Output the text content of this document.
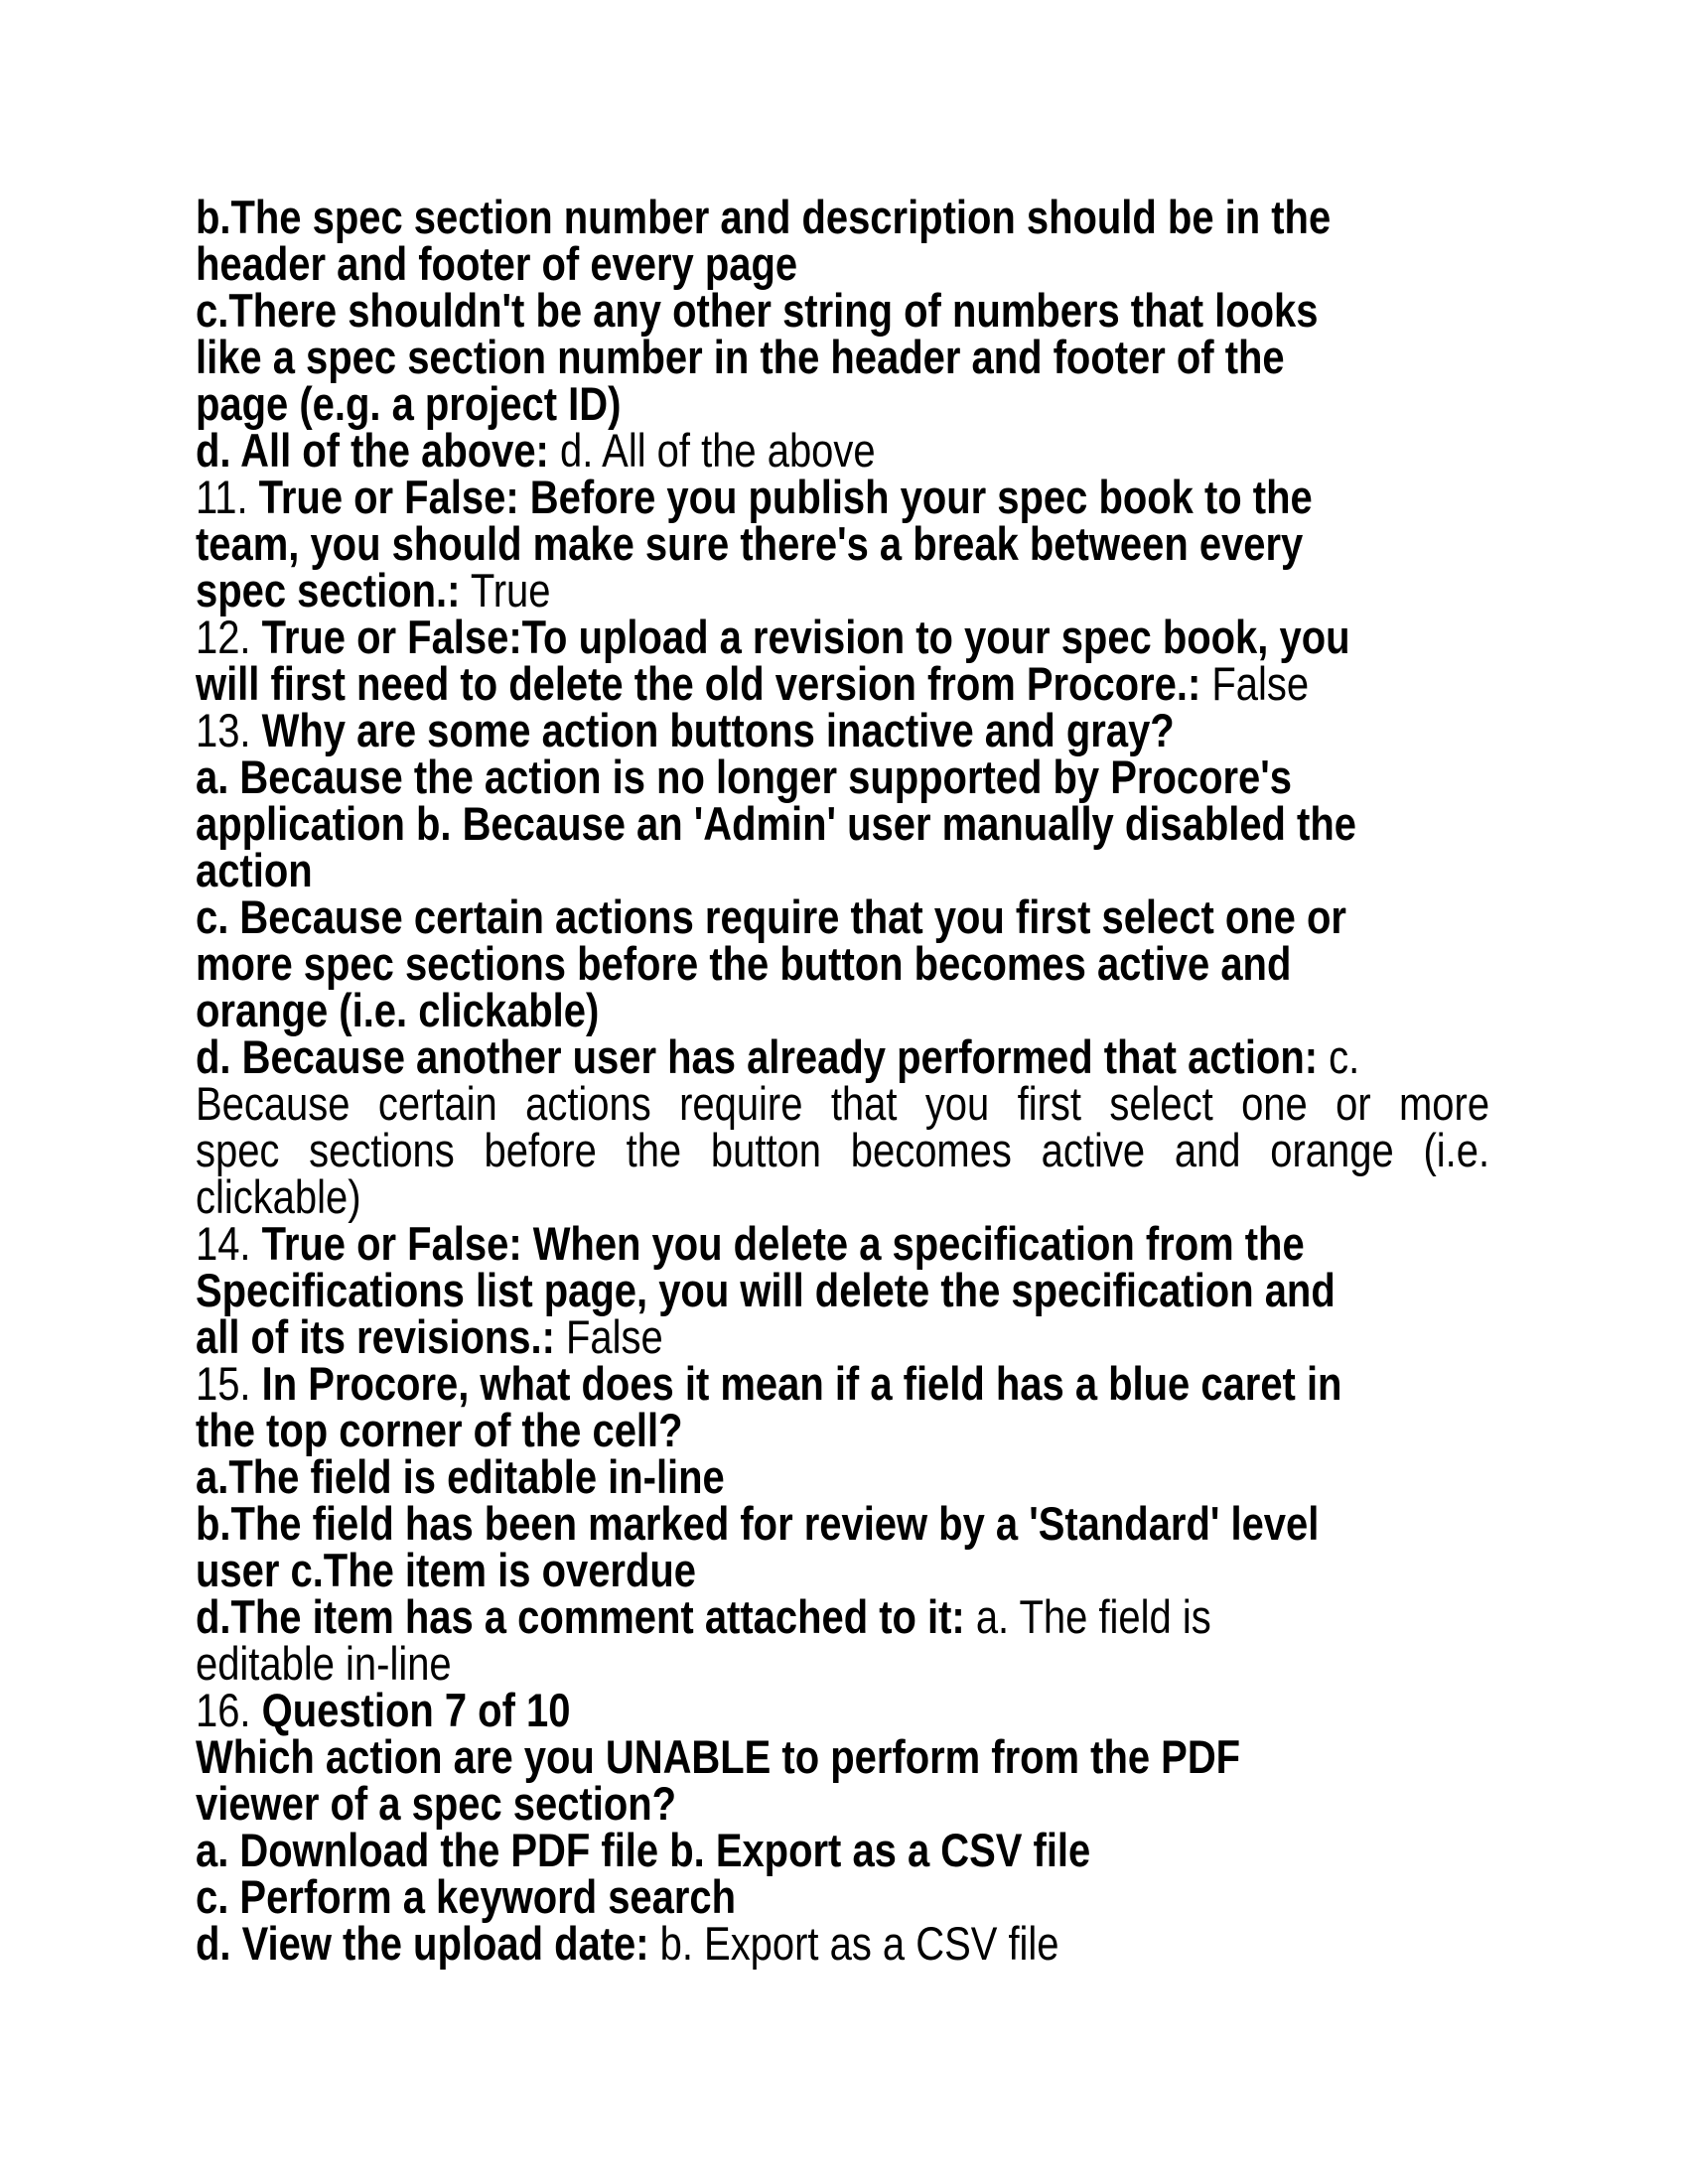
b.The spec section number and description should be in the
header and footer of every page
c.There shouldn't be any other string of numbers that looks
like a spec section number in the header and footer of the
page (e.g. a project ID)
d. All of the above: d. All of the above
11. True or False: Before you publish your spec book to the
team, you should make sure there's a break between every
spec section.: True
12. True or False:To upload a revision to your spec book, you
will first need to delete the old version from Procore.: False
13. Why are some action buttons inactive and gray?
a. Because the action is no longer supported by Procore's
application b. Because an 'Admin' user manually disabled the
action
c. Because certain actions require that you first select one or
more spec sections before the button becomes active and
orange (i.e. clickable)
d. Because another user has already performed that action: c.
Because certain actions require that you first select one or more
spec sections before the button becomes active and orange (i.e.
clickable)
14. True or False: When you delete a specification from the
Specifications list page, you will delete the specification and
all of its revisions.: False
15. In Procore, what does it mean if a field has a blue caret in
the top corner of the cell?
a.The field is editable in-line
b.The field has been marked for review by a 'Standard' level
user c.The item is overdue
d.The item has a comment attached to it: a. The field is
editable in-line
16. Question 7 of 10
Which action are you UNABLE to perform from the PDF
viewer of a spec section?
a. Download the PDF file b. Export as a CSV file
c. Perform a keyword search
d. View the upload date: b. Export as a CSV file
